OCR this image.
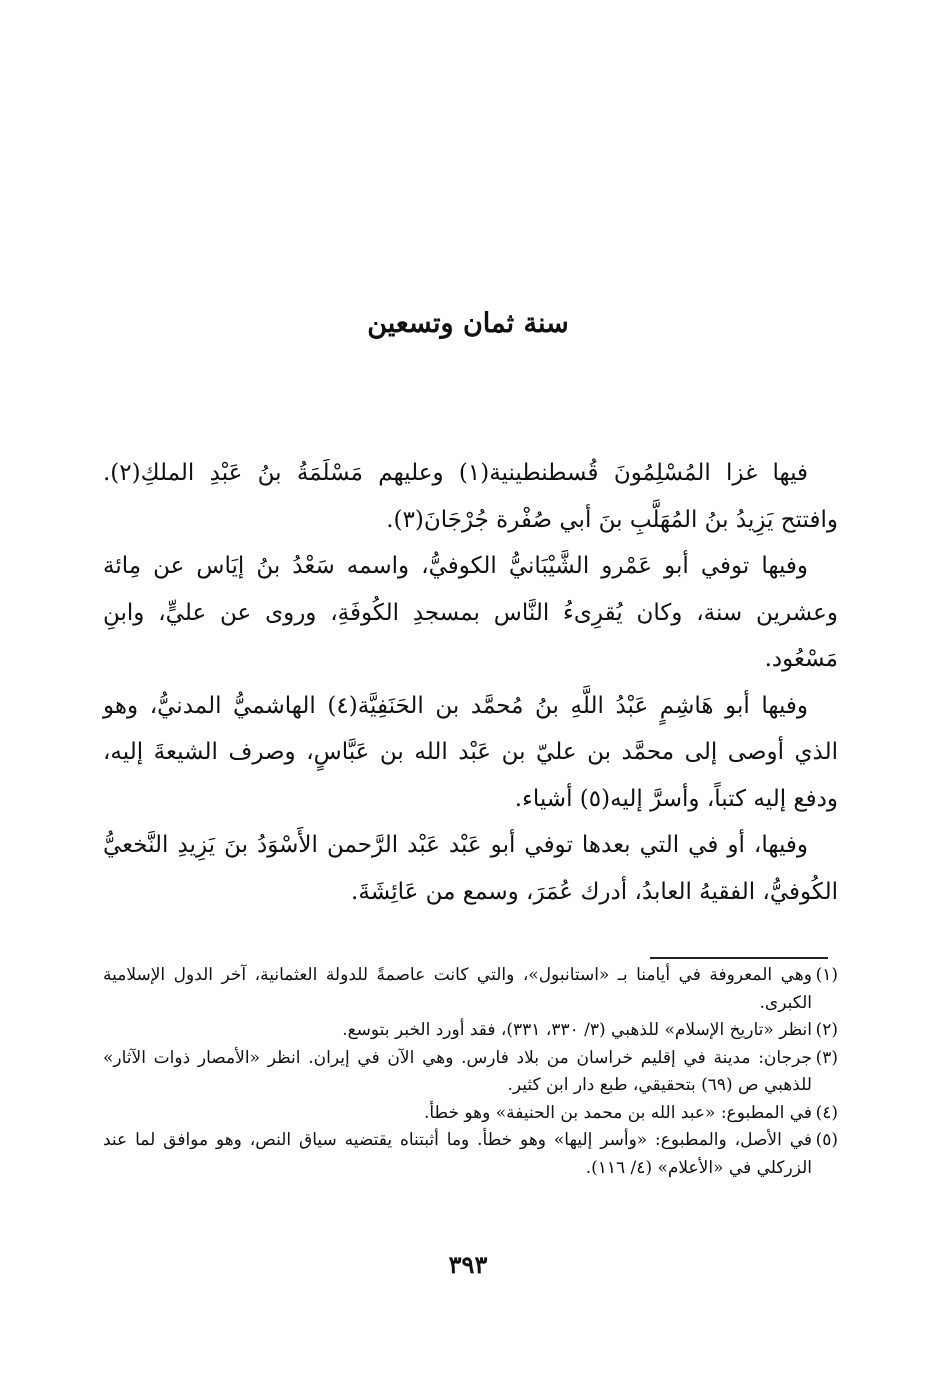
سنة ثمان وتسعين

فيها غزا المُسْلِمُونَ قُسطنطينية(١) وعليهم مَسْلَمَةُ بنُ عَبْدِ الملكِ(٢). وافتتح يَزِيدُ بنُ المُهَلَّبِ بنَ أبي صُفْرة جُرْجَانَ(٣).

وفيها توفي أبو عَمْرو الشَّيْبَانيُّ الكوفيُّ، واسمه سَعْدُ بنُ إيَاس عن مِائة وعشرين سنة، وكان يُقرِىءُ النَّاس بمسجدِ الكُوفَةِ، وروى عن عليٍّ، وابنِ مَسْعُود.

وفيها أبو هَاشِمٍ عَبْدُ اللَّهِ بنُ مُحمَّد بن الحَنَفِيَّة(٤) الهاشميُّ المدنيُّ، وهو الذي أوصى إلى محمَّد بن عليّ بن عَبْد الله بن عَبَّاسٍ، وصرف الشيعةَ إليه، ودفع إليه كتباً، وأسرَّ إليه(٥) أشياء.

وفيها، أو في التي بعدها توفي أبو عَبْد عَبْد الرَّحمن الأَسْوَدُ بنَ يَزِيدِ النَّخعيُّ الكُوفيُّ، الفقيهُ العابدُ، أدرك عُمَرَ، وسمع من عَائِشَةَ.

(١)
وهي المعروفة في أيامنا بـ «استانبول»، والتي كانت عاصمةً للدولة العثمانية، آخر الدول الإسلامية الكبرى.
(٢)
انظر «تاريخ الإسلام» للذهبي (٣/ ٣٣٠، ٣٣١)، فقد أورد الخبر بتوسع.
(٣)
جرجان: مدينة في إقليم خراسان من بلاد فارس. وهي الآن في إيران. انظر «الأمصار ذوات الآثار» للذهبي ص (٦٩) بتحقيقي، طبع دار ابن كثير.
(٤)
في المطبوع: «عبد الله بن محمد بن الحنيفة» وهو خطأ.
(٥)
في الأصل، والمطبوع: «وأسر إليها» وهو خطأ. وما أثبتناه يقتضيه سياق النص، وهو موافق لما عند الزركلي في «الأعلام» (٤/ ١١٦).
٣٩٣
